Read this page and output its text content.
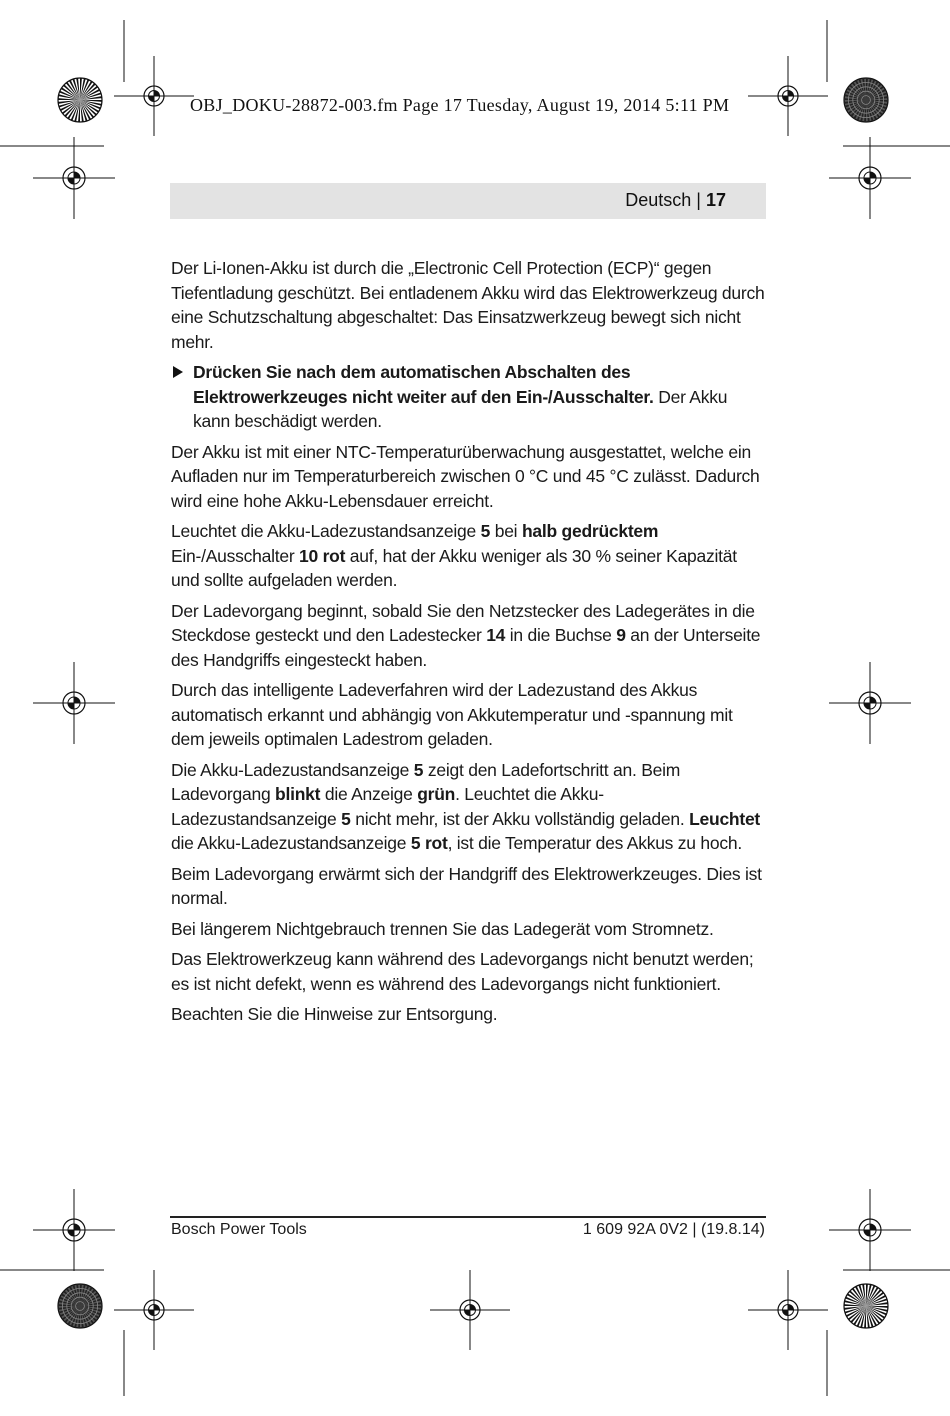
OBJ_DOKU-28872-003.fm Page 17 Tuesday, August 19, 2014 5:11 PM
Deutsch | 17

Der Li-Ionen-Akku ist durch die „Electronic Cell Protection (ECP)“ gegen Tiefentladung geschützt. Bei entladenem Akku wird das Elektrowerkzeug durch eine Schutzschaltung abgeschaltet: Das Einsatzwerkzeug bewegt sich nicht mehr.

Drücken Sie nach dem automatischen Abschalten des Elektrowerkzeuges nicht weiter auf den Ein-/Ausschalter. Der Akku kann beschädigt werden.

Der Akku ist mit einer NTC-Temperaturüberwachung ausgestattet, welche ein Aufladen nur im Temperaturbereich zwischen 0 °C und 45 °C zulässt. Dadurch wird eine hohe Akku-Lebensdauer erreicht.

Leuchtet die Akku-Ladezustandsanzeige 5 bei halb gedrücktem Ein-/Ausschalter 10 rot auf, hat der Akku weniger als 30 % seiner Kapazität und sollte aufgeladen werden.

Der Ladevorgang beginnt, sobald Sie den Netzstecker des Ladegerätes in die Steckdose gesteckt und den Ladestecker 14 in die Buchse 9 an der Unterseite des Handgriffs eingesteckt haben.

Durch das intelligente Ladeverfahren wird der Ladezustand des Akkus automatisch erkannt und abhängig von Akkutemperatur und -spannung mit dem jeweils optimalen Ladestrom geladen.

Die Akku-Ladezustandsanzeige 5 zeigt den Ladefortschritt an. Beim Ladevorgang blinkt die Anzeige grün. Leuchtet die Akku-Ladezustandsanzeige 5 nicht mehr, ist der Akku vollständig geladen. Leuchtet die Akku-Ladezustandsanzeige 5 rot, ist die Temperatur des Akkus zu hoch.

Beim Ladevorgang erwärmt sich der Handgriff des Elektrowerkzeuges. Dies ist normal.

Bei längerem Nichtgebrauch trennen Sie das Ladegerät vom Stromnetz.

Das Elektrowerkzeug kann während des Ladevorgangs nicht benutzt werden; es ist nicht defekt, wenn es während des Ladevorgangs nicht funktioniert.

Beachten Sie die Hinweise zur Entsorgung.

Bosch Power Tools	1 609 92A 0V2 | (19.8.14)
